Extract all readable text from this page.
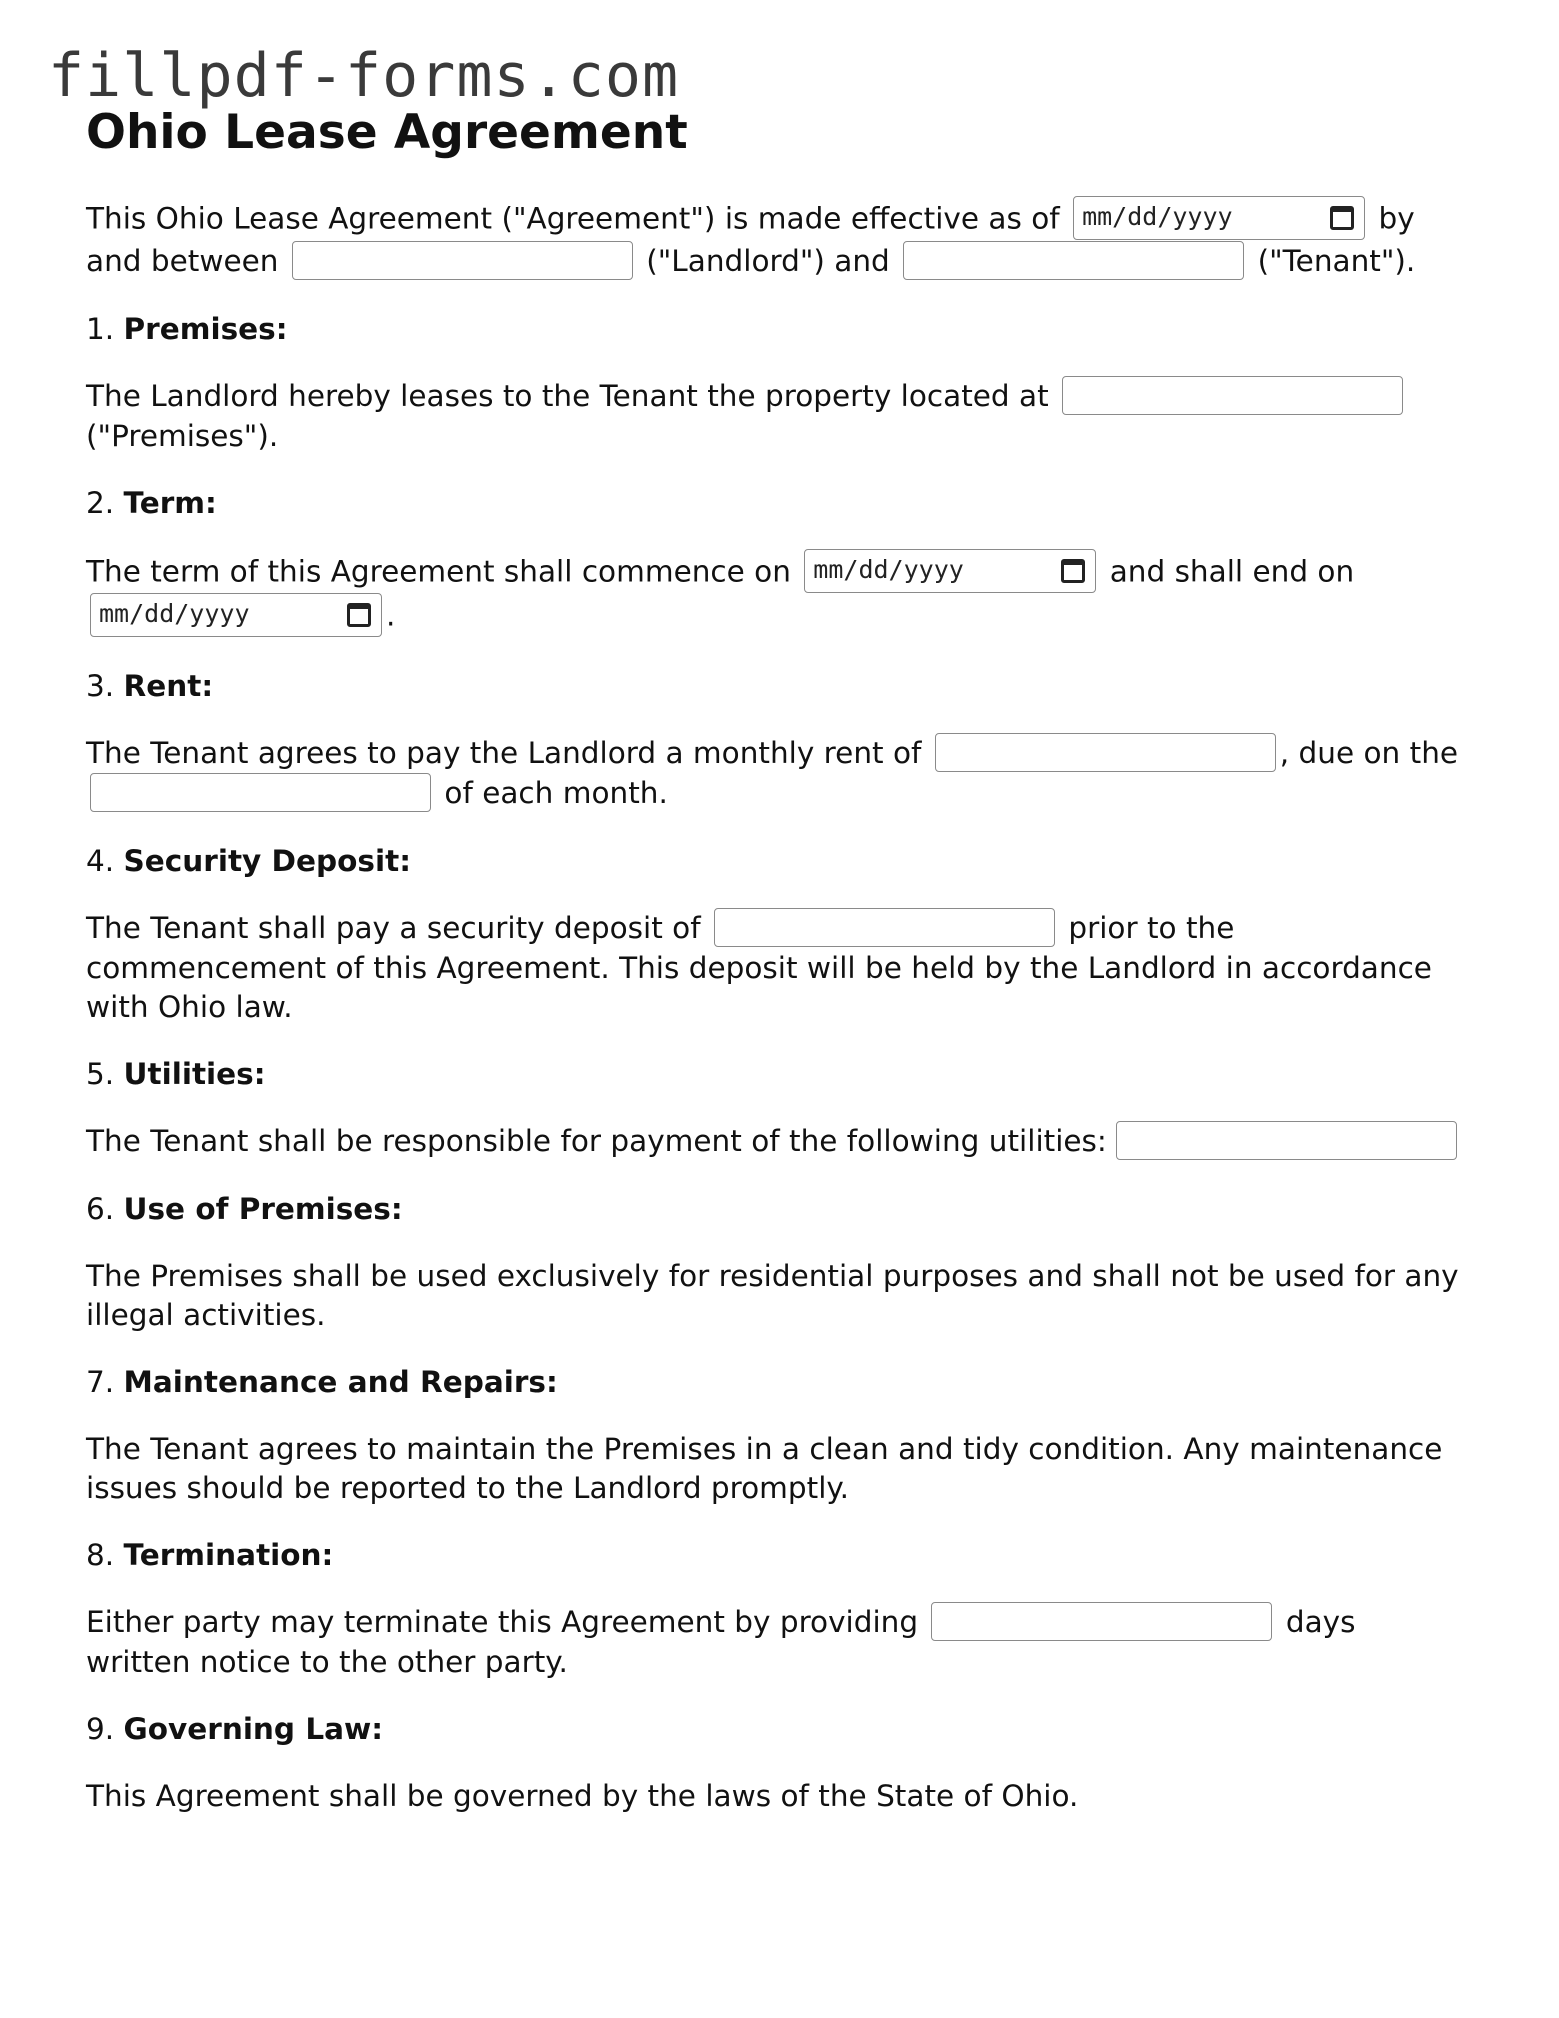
fillpdf-forms.com
Ohio Lease Agreement

This Ohio Lease Agreement ("Agreement") is made effective as of mm/dd/yyyy	by and between	("Landlord") and	("Tenant").

1. Premises:

The Landlord hereby leases to the Tenant the property located at  ("Premises").

2. Term:

The term of this Agreement shall commence on mm/dd/yyyy	and shall end on mm/dd/yyyy	.

3. Rent:

The Tenant agrees to pay the Landlord a monthly rent of	, due on the  of each month.

4. Security Deposit:

The Tenant shall pay a security deposit of	prior to the commencement of this Agreement. This deposit will be held by the Landlord in accordance with Ohio law.

5. Utilities:

The Tenant shall be responsible for payment of the following utilities:

6. Use of Premises:

The Premises shall be used exclusively for residential purposes and shall not be used for any illegal activities.

7. Maintenance and Repairs:

The Tenant agrees to maintain the Premises in a clean and tidy condition. Any maintenance issues should be reported to the Landlord promptly.

8. Termination:

Either party may terminate this Agreement by providing	days written notice to the other party.

9. Governing Law:

This Agreement shall be governed by the laws of the State of Ohio.
